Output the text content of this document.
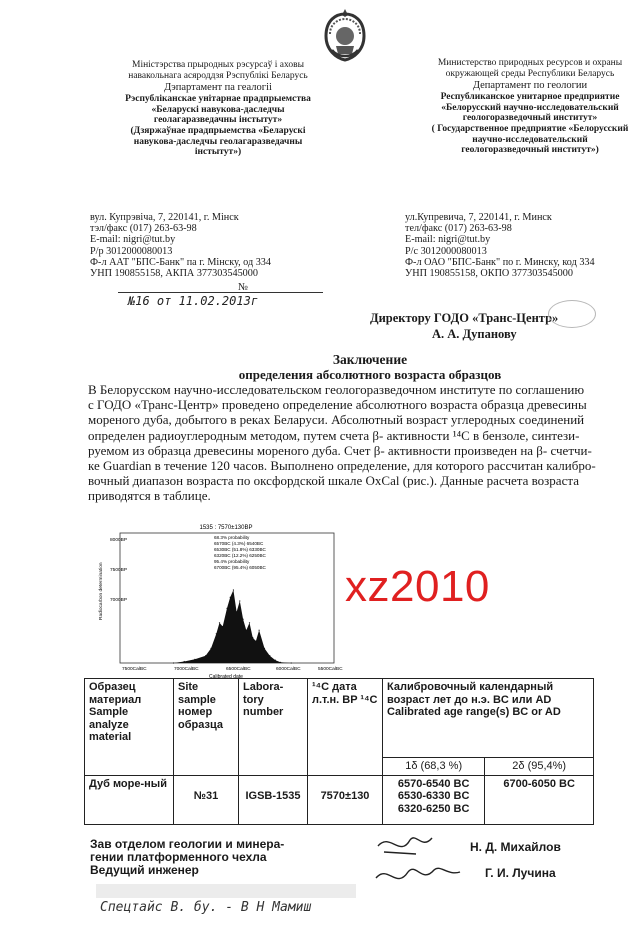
Міністэрства прыродных рэсурсаў і аховы навакольнага асяроддзя Рэспублікі Беларусь
Дэпартамент па геалогіі
Рэспубліканскае унітарнае прадпрыемства
«Беларускі навукова-даследчы геолагаразведачны інстытут»
(Дзяржаўнае прадпрыемства «Беларускі навукова-даследчы геолагаразведачны інстытут»)
Министерство природных ресурсов и охраны окружающей среды Республики Беларусь
Департамент по геологии
Республиканское унитарное предприятие
«Белорусский научно-исследовательский геологоразведочный институт»
( Государственное предприятие «Белорусский научно-исследовательский геологоразведочный институт»)
вул. Купрэвіча, 7, 220141, г. Мінск
тэл/факс (017) 263-63-98
E-mail: nigri@tut.by
Р/р 3012000080013
Ф-л ААТ "БПС-Банк" па г. Мінску, од 334
УНП 190855158, АКПА 377303545000
ул.Купревича, 7, 220141, г. Минск
тел/факс (017) 263-63-98
E-mail: nigri@tut.by
Р/с 3012000080013
Ф-л ОАО "БПС-Банк" по г. Минску, код 334
УНП 190855158, ОКПО 377303545000
№
№16 от 11.02.2013г
Директору ГОДО «Транс-Центр»
А. А. Дупанову
Заключение
определения абсолютного возраста образцов
В Белорусском научно-исследовательском геологоразведочном институте по соглашению
с ГОДО «Транс-Центр» проведено определение абсолютного возраста образца древесины
мореного дуба, добытого в реках Беларуси. Абсолютный возраст углеродных соединений
определен радиоуглеродным методом, путем счета β- активности ¹⁴С в бензоле, синтези-
руемом из образца древесины мореного дуба. Счет β- активности произведен на β- счетчи-
ке Guardian в течение 120 часов. Выполнено определение, для которого рассчитан калибро-
вочный диапазон возраста по оксфордской шкале OxCal (рис.). Данные расчета возраста
приводятся в таблице.
1535 : 7570±130BP
Radiocarbon determination
8000BP
7500BP
7000BP
68.3% probability
6570BC (4.3%) 6540BC
6530BC (51.8%) 6330BC
6320BC (12.2%) 6250BC
95.4% probability
6700BC (95.4%) 6050BC
7500CalBC	7000CalBC	6500CalBC	6000CalBC	5500CalBC
Calibrated date
xz2010
Образец материал Sample analyze material	Site sample номер образца	Labora-tory number	¹⁴С дата л.т.н. BP ¹⁴С	Калибровочный календарный возраст лет до н.э. BC или AD Calibrated age range(s) BC or AD	
				1δ (68,3 %)	2δ (95,4%)
Дуб море-ный	№31	IGSB-1535	7570±130	6570-6540 BC
6530-6330 BC
6320-6250 BC	6700-6050 BC
Зав отделом геологии и минера-
гении платформенного чехла
Ведущий инженер
Н. Д. Михайлов
Г. И. Лучина
Спецтайс В. бу. - В Н Мамиш
